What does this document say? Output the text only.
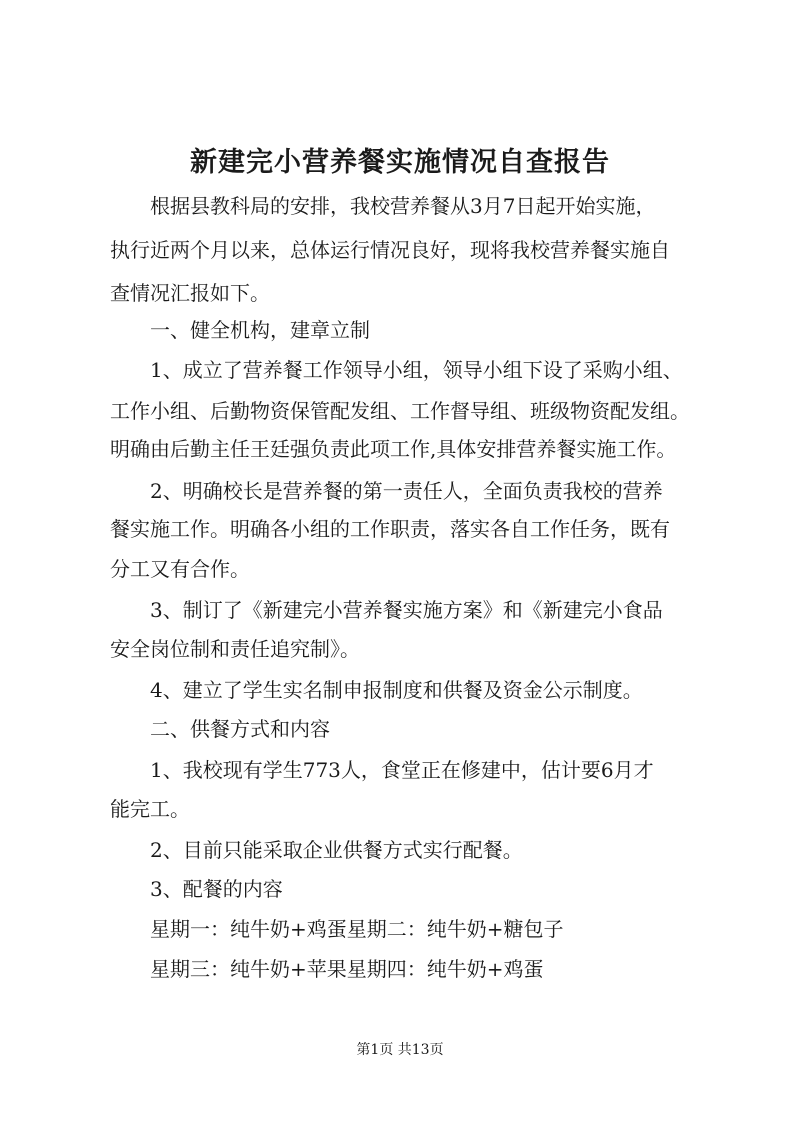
新建完小营养餐实施情况自查报告
根据县教科局的安排，我校营养餐从3月7日起开始实施，
执行近两个月以来，总体运行情况良好，现将我校营养餐实施自
查情况汇报如下。
一、健全机构，建章立制
1、成立了营养餐工作领导小组，领导小组下设了采购小组、
工作小组、后勤物资保管配发组、工作督导组、班级物资配发组。
明确由后勤主任王廷强负责此项工作,具体安排营养餐实施工作。
2、明确校长是营养餐的第一责任人，全面负责我校的营养
餐实施工作。明确各小组的工作职责，落实各自工作任务，既有
分工又有合作。
3、制订了《新建完小营养餐实施方案》和《新建完小食品
安全岗位制和责任追究制》。
4、建立了学生实名制申报制度和供餐及资金公示制度。
二、供餐方式和内容
1、我校现有学生773人，食堂正在修建中，估计要6月才
能完工。
2、目前只能采取企业供餐方式实行配餐。
3、配餐的内容
星期一：纯牛奶+鸡蛋星期二：纯牛奶+糖包子
星期三：纯牛奶+苹果星期四：纯牛奶+鸡蛋
第1页 共13页
